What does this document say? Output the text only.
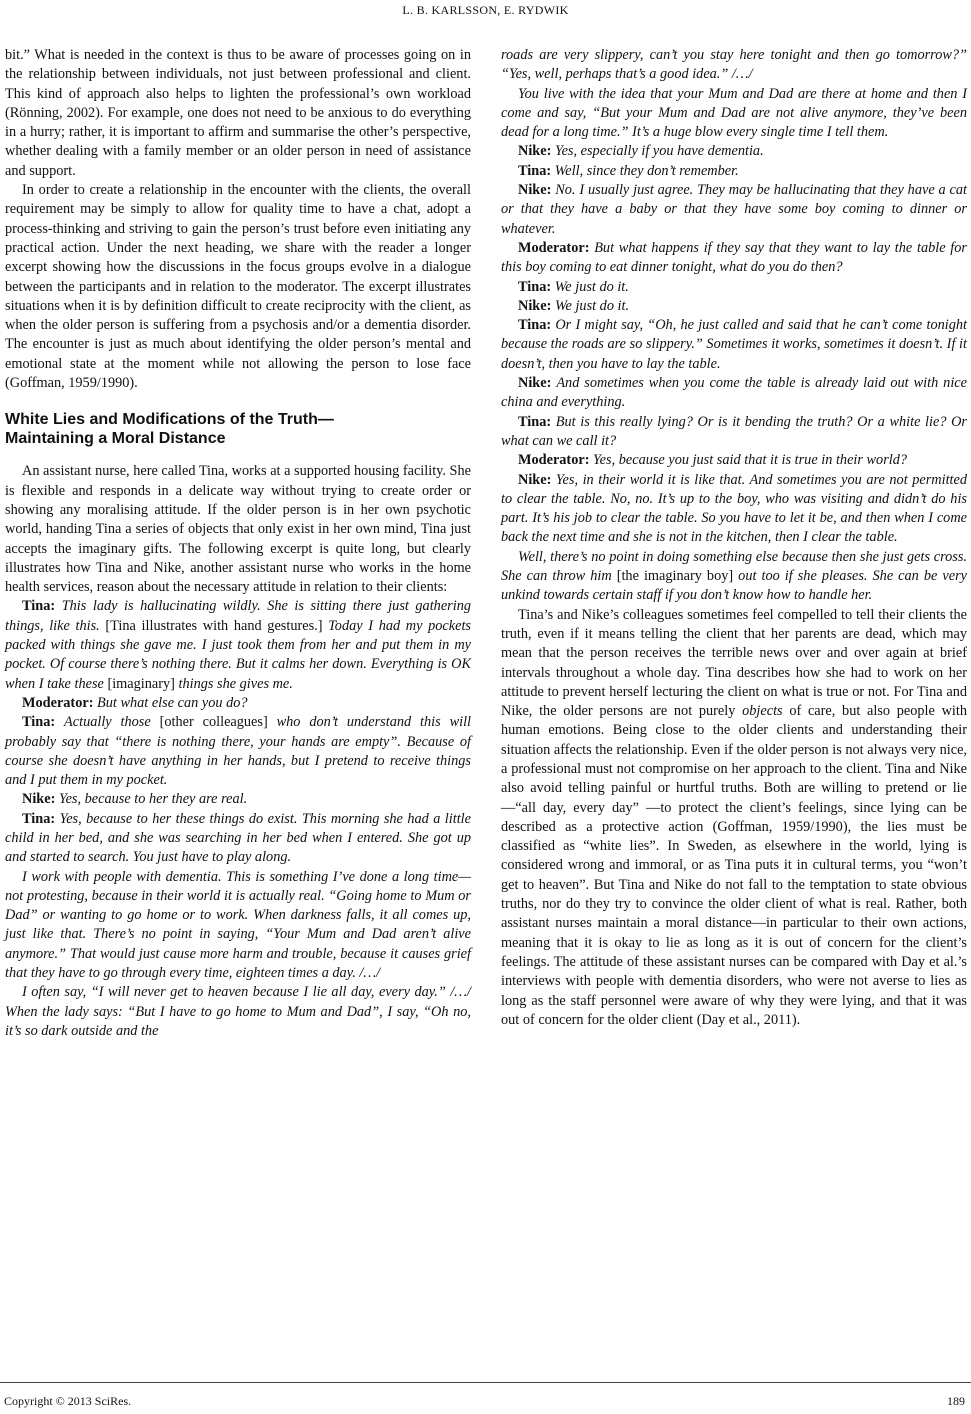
L. B. KARLSSON, E. RYDWIK

bit.” What is needed in the context is thus to be aware of processes going on in the relationship between individuals, not just between professional and client. This kind of approach also helps to lighten the professional’s own workload (Rönning, 2002). For example, one does not need to be anxious to do everything in a hurry; rather, it is important to affirm and summarise the other’s perspective, whether dealing with a family member or an older person in need of assistance and support.

In order to create a relationship in the encounter with the clients, the overall requirement may be simply to allow for quality time to have a chat, adopt a process-thinking and striving to gain the person’s trust before even initiating any practical action. Under the next heading, we share with the reader a longer excerpt showing how the discussions in the focus groups evolve in a dialogue between the participants and in relation to the moderator. The excerpt illustrates situations when it is by definition difficult to create reciprocity with the client, as when the older person is suffering from a psychosis and/or a dementia disorder. The encounter is just as much about identifying the older person’s mental and emotional state at the moment while not allowing the person to lose face (Goffman, 1959/1990).

White Lies and Modifications of the Truth—
Maintaining a Moral Distance

An assistant nurse, here called Tina, works at a supported housing facility. She is flexible and responds in a delicate way without trying to create order or showing any moralising attitude. If the older person is in her own psychotic world, handing Tina a series of objects that only exist in her own mind, Tina just accepts the imaginary gifts. The following excerpt is quite long, but clearly illustrates how Tina and Nike, another assistant nurse who works in the home health services, reason about the necessary attitude in relation to their clients:

Tina: This lady is hallucinating wildly. She is sitting there just gathering things, like this. [Tina illustrates with hand gestures.] Today I had my pockets packed with things she gave me. I just took them from her and put them in my pocket. Of course there’s nothing there. But it calms her down. Everything is OK when I take these [imaginary] things she gives me.

Moderator: But what else can you do?

Tina: Actually those [other colleagues] who don’t understand this will probably say that “there is nothing there, your hands are empty”. Because of course she doesn’t have anything in her hands, but I pretend to receive things and I put them in my pocket.

Nike: Yes, because to her they are real.

Tina: Yes, because to her these things do exist. This morning she had a little child in her bed, and she was searching in her bed when I entered. She got up and started to search. You just have to play along.

I work with people with dementia. This is something I’ve done a long time—not protesting, because in their world it is actually real. “Going home to Mum or Dad” or wanting to go home or to work. When darkness falls, it all comes up, just like that. There’s no point in saying, “Your Mum and Dad aren’t alive anymore.” That would just cause more harm and trouble, because it causes grief that they have to go through every time, eighteen times a day. /…/

I often say, “I will never get to heaven because I lie all day, every day.” /…/ When the lady says: “But I have to go home to Mum and Dad”, I say, “Oh no, it’s so dark outside and the

roads are very slippery, can’t you stay here tonight and then go tomorrow?” “Yes, well, perhaps that’s a good idea.” /…/

You live with the idea that your Mum and Dad are there at home and then I come and say, “But your Mum and Dad are not alive anymore, they’ve been dead for a long time.” It’s a huge blow every single time I tell them.

Nike: Yes, especially if you have dementia.

Tina: Well, since they don’t remember.

Nike: No. I usually just agree. They may be hallucinating that they have a cat or that they have a baby or that they have some boy coming to dinner or whatever.

Moderator: But what happens if they say that they want to lay the table for this boy coming to eat dinner tonight, what do you do then?

Tina: We just do it.

Nike: We just do it.

Tina: Or I might say, “Oh, he just called and said that he can’t come tonight because the roads are so slippery.” Sometimes it works, sometimes it doesn’t. If it doesn’t, then you have to lay the table.

Nike: And sometimes when you come the table is already laid out with nice china and everything.

Tina: But is this really lying? Or is it bending the truth? Or a white lie? Or what can we call it?

Moderator: Yes, because you just said that it is true in their world?

Nike: Yes, in their world it is like that. And sometimes you are not permitted to clear the table. No, no. It’s up to the boy, who was visiting and didn’t do his part. It’s his job to clear the table. So you have to let it be, and then when I come back the next time and she is not in the kitchen, then I clear the table.

Well, there’s no point in doing something else because then she just gets cross. She can throw him [the imaginary boy] out too if she pleases. She can be very unkind towards certain staff if you don’t know how to handle her.

Tina’s and Nike’s colleagues sometimes feel compelled to tell their clients the truth, even if it means telling the client that her parents are dead, which may mean that the person receives the terrible news over and over again at brief intervals throughout a whole day. Tina describes how she had to work on her attitude to prevent herself lecturing the client on what is true or not. For Tina and Nike, the older persons are not purely objects of care, but also people with human emotions. Being close to the older clients and understanding their situation affects the relationship. Even if the older person is not always very nice, a professional must not compromise on her approach to the client. Tina and Nike also avoid telling painful or hurtful truths. Both are willing to pretend or lie—“all day, every day” —to protect the client’s feelings, since lying can be described as a protective action (Goffman, 1959/1990), the lies must be classified as “white lies”. In Sweden, as elsewhere in the world, lying is considered wrong and immoral, or as Tina puts it in cultural terms, you “won’t get to heaven”. But Tina and Nike do not fall to the temptation to state obvious truths, nor do they try to convince the older client of what is real. Rather, both assistant nurses maintain a moral distance—in particular to their own actions, meaning that it is okay to lie as long as it is out of concern for the client’s feelings. The attitude of these assistant nurses can be compared with Day et al.’s interviews with people with dementia disorders, who were not averse to lies as long as the staff personnel were aware of why they were lying, and that it was out of concern for the older client (Day et al., 2011).

Copyright © 2013 SciRes.	189
